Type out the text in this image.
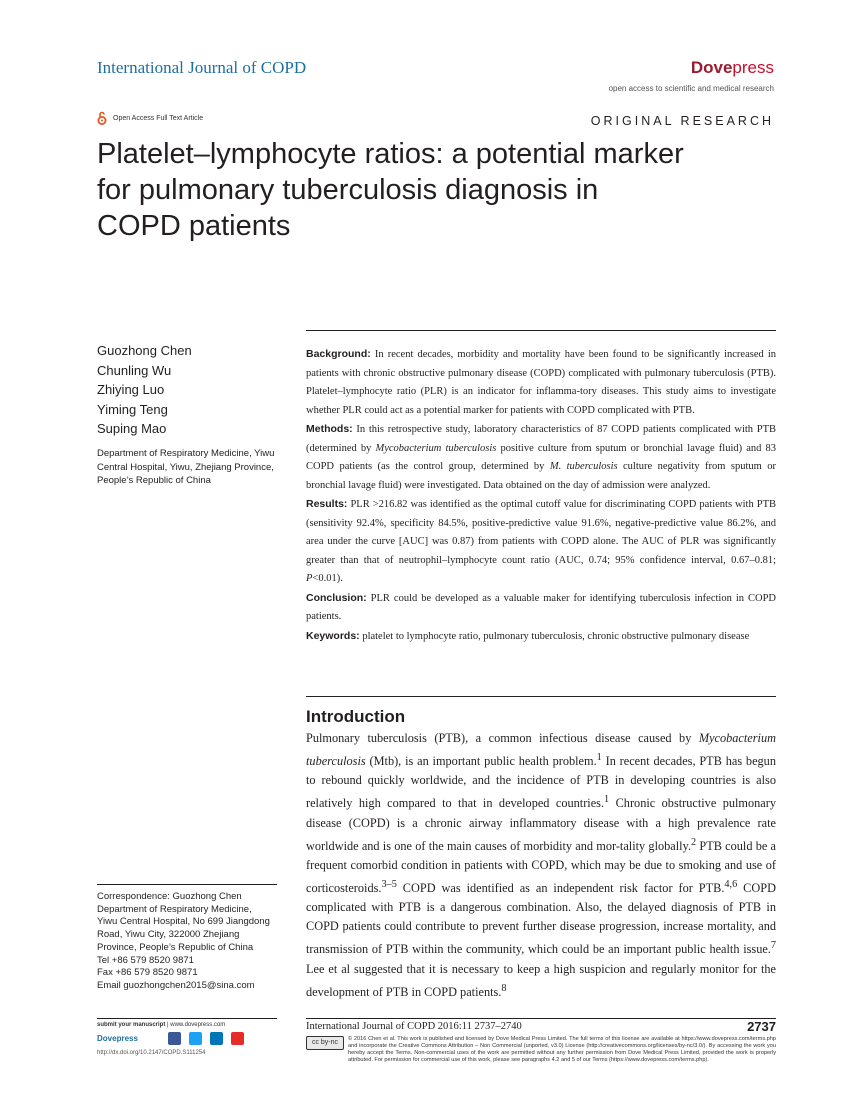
International Journal of COPD	Dovepress
open access to scientific and medical research
Open Access Full Text Article	ORIGINAL RESEARCH
Platelet–lymphocyte ratios: a potential marker
for pulmonary tuberculosis diagnosis in
COPD patients
Guozhong Chen
Chunling Wu
Zhiying Luo
Yiming Teng
Suping Mao
Department of Respiratory Medicine, Yiwu Central Hospital, Yiwu, Zhejiang Province, People’s Republic of China

Background: In recent decades, morbidity and mortality have been found to be significantly increased in patients with chronic obstructive pulmonary disease (COPD) complicated with pulmonary tuberculosis (PTB). Platelet–lymphocyte ratio (PLR) is an indicator for inflamma-tory diseases. This study aims to investigate whether PLR could act as a potential marker for patients with COPD complicated with PTB.

Methods: In this retrospective study, laboratory characteristics of 87 COPD patients complicated with PTB (determined by Mycobacterium tuberculosis positive culture from sputum or bronchial lavage fluid) and 83 COPD patients (as the control group, determined by M. tuberculosis culture negativity from sputum or bronchial lavage fluid) were investigated. Data obtained on the day of admission were analyzed.

Results: PLR >216.82 was identified as the optimal cutoff value for discriminating COPD patients with PTB (sensitivity 92.4%, specificity 84.5%, positive-predictive value 91.6%, negative-predictive value 86.2%, and area under the curve [AUC] was 0.87) from patients with COPD alone. The AUC of PLR was significantly greater than that of neutrophil–lymphocyte count ratio (AUC, 0.74; 95% confidence interval, 0.67–0.81; P<0.01).

Conclusion: PLR could be developed as a valuable maker for identifying tuberculosis infection in COPD patients.

Keywords: platelet to lymphocyte ratio, pulmonary tuberculosis, chronic obstructive pulmonary disease

Introduction

Pulmonary tuberculosis (PTB), a common infectious disease caused by Mycobacterium tuberculosis (Mtb), is an important public health problem.$^1$ In recent decades, PTB has begun to rebound quickly worldwide, and the incidence of PTB in developing countries is also relatively high compared to that in developed countries.$^1$ Chronic obstructive pulmonary disease (COPD) is a chronic airway inflammatory disease with a high prevalence rate worldwide and is one of the main causes of morbidity and mor-tality globally.$^2$ PTB could be a frequent comorbid condition in patients with COPD, which may be due to smoking and use of corticosteroids.$^{3-5}$ COPD was identified as an independent risk factor for PTB.$^{4,6}$ COPD complicated with PTB is a dangerous combination. Also, the delayed diagnosis of PTB in COPD patients could contribute to prevent further disease progression, increase mortality, and transmission of PTB within the community, which could be an important public health issue.$^7$ Lee et al suggested that it is necessary to keep a high suspicion and regularly monitor for the development of PTB in COPD patients.$^8$

Correspondence: Guozhong Chen
Department of Respiratory Medicine,
Yiwu Central Hospital, No 699 Jiangdong
Road, Yiwu City, 322000 Zhejiang
Province, People’s Republic of China
Tel +86 579 8520 9871
Fax +86 579 8520 9871
Email guozhongchen2015@sina.com
submit your manuscript | www.dovepress.com
Dovepress
http://dx.doi.org/10.2147/COPD.S111254
International Journal of COPD 2016:11 2737–2740	2737
cc by-nc	© 2016 Chen et al. This work is published and licensed by Dove Medical Press Limited. The full terms of this license are available at https://www.dovepress.com/terms.php and incorporate the Creative Commons Attribution – Non Commercial (unported, v3.0) License (http://creativecommons.org/licenses/by-nc/3.0/). By accessing the work you hereby accept the Terms. Non-commercial uses of the work are permitted without any further permission from Dove Medical Press Limited, provided the work is properly attributed. For permission for commercial use of this work, please see paragraphs 4.2 and 5 of our Terms (https://www.dovepress.com/terms.php).
